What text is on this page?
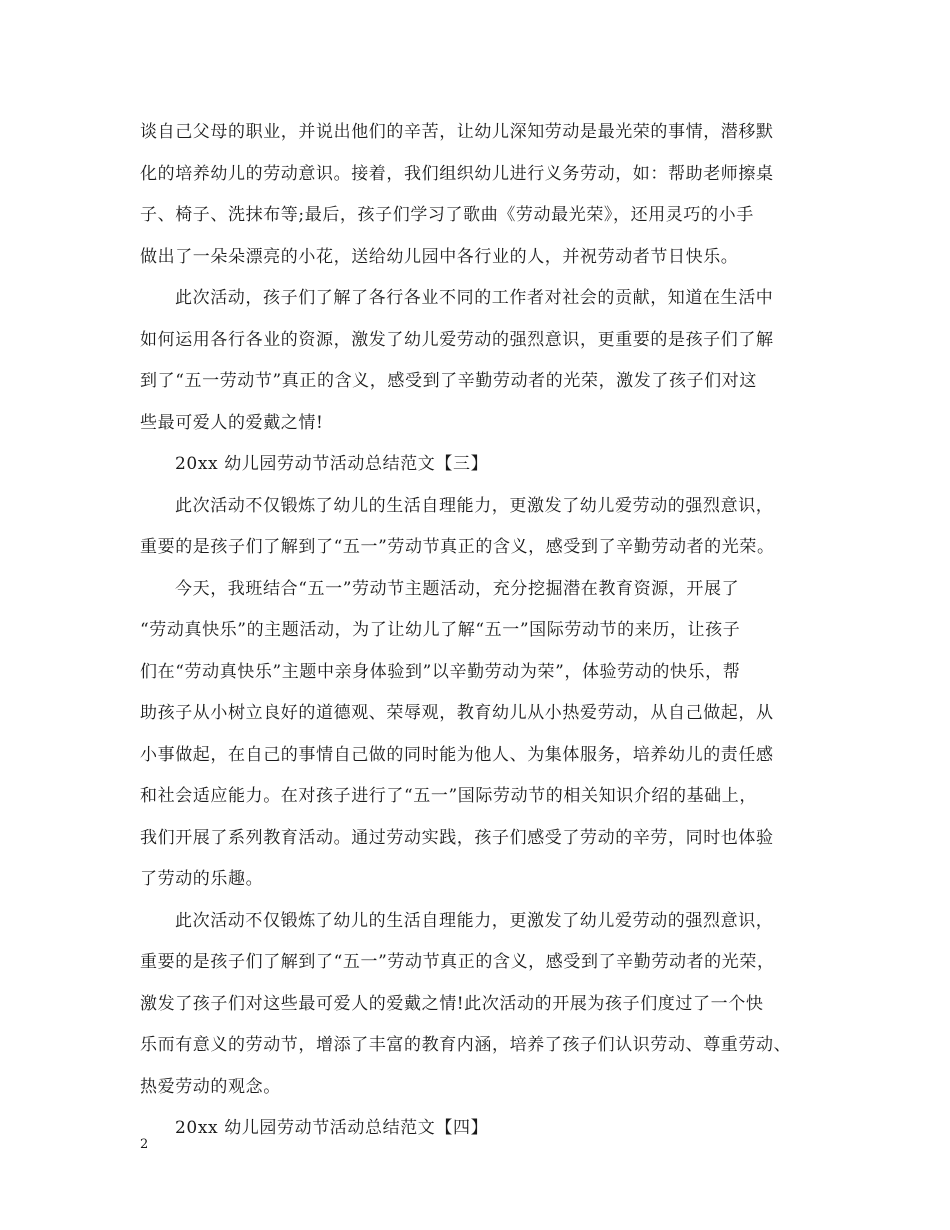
谈自己父母的职业，并说出他们的辛苦，让幼儿深知劳动是最光荣的事情，潜移默
化的培养幼儿的劳动意识。接着，我们组织幼儿进行义务劳动，如：帮助老师擦桌
子、椅子、洗抹布等;最后，孩子们学习了歌曲《劳动最光荣》，还用灵巧的小手
做出了一朵朵漂亮的小花，送给幼儿园中各行业的人，并祝劳动者节日快乐。
此次活动，孩子们了解了各行各业不同的工作者对社会的贡献，知道在生活中
如何运用各行各业的资源，激发了幼儿爱劳动的强烈意识，更重要的是孩子们了解
到了“五一劳动节”真正的含义，感受到了辛勤劳动者的光荣，激发了孩子们对这
些最可爱人的爱戴之情!
20xx 幼儿园劳动节活动总结范文【三】
此次活动不仅锻炼了幼儿的生活自理能力，更激发了幼儿爱劳动的强烈意识，
重要的是孩子们了解到了“五一”劳动节真正的含义，感受到了辛勤劳动者的光荣。
今天，我班结合“五一”劳动节主题活动，充分挖掘潜在教育资源，开展了
“劳动真快乐”的主题活动，为了让幼儿了解“五一”国际劳动节的来历，让孩子
们在“劳动真快乐”主题中亲身体验到”以辛勤劳动为荣”，体验劳动的快乐，帮
助孩子从小树立良好的道德观、荣辱观，教育幼儿从小热爱劳动，从自己做起，从
小事做起，在自己的事情自己做的同时能为他人、为集体服务，培养幼儿的责任感
和社会适应能力。在对孩子进行了“五一”国际劳动节的相关知识介绍的基础上，
我们开展了系列教育活动。通过劳动实践，孩子们感受了劳动的辛劳，同时也体验
了劳动的乐趣。
此次活动不仅锻炼了幼儿的生活自理能力，更激发了幼儿爱劳动的强烈意识，
重要的是孩子们了解到了“五一”劳动节真正的含义，感受到了辛勤劳动者的光荣，
激发了孩子们对这些最可爱人的爱戴之情!此次活动的开展为孩子们度过了一个快
乐而有意义的劳动节，增添了丰富的教育内涵，培养了孩子们认识劳动、尊重劳动、
热爱劳动的观念。
20xx 幼儿园劳动节活动总结范文【四】
2
